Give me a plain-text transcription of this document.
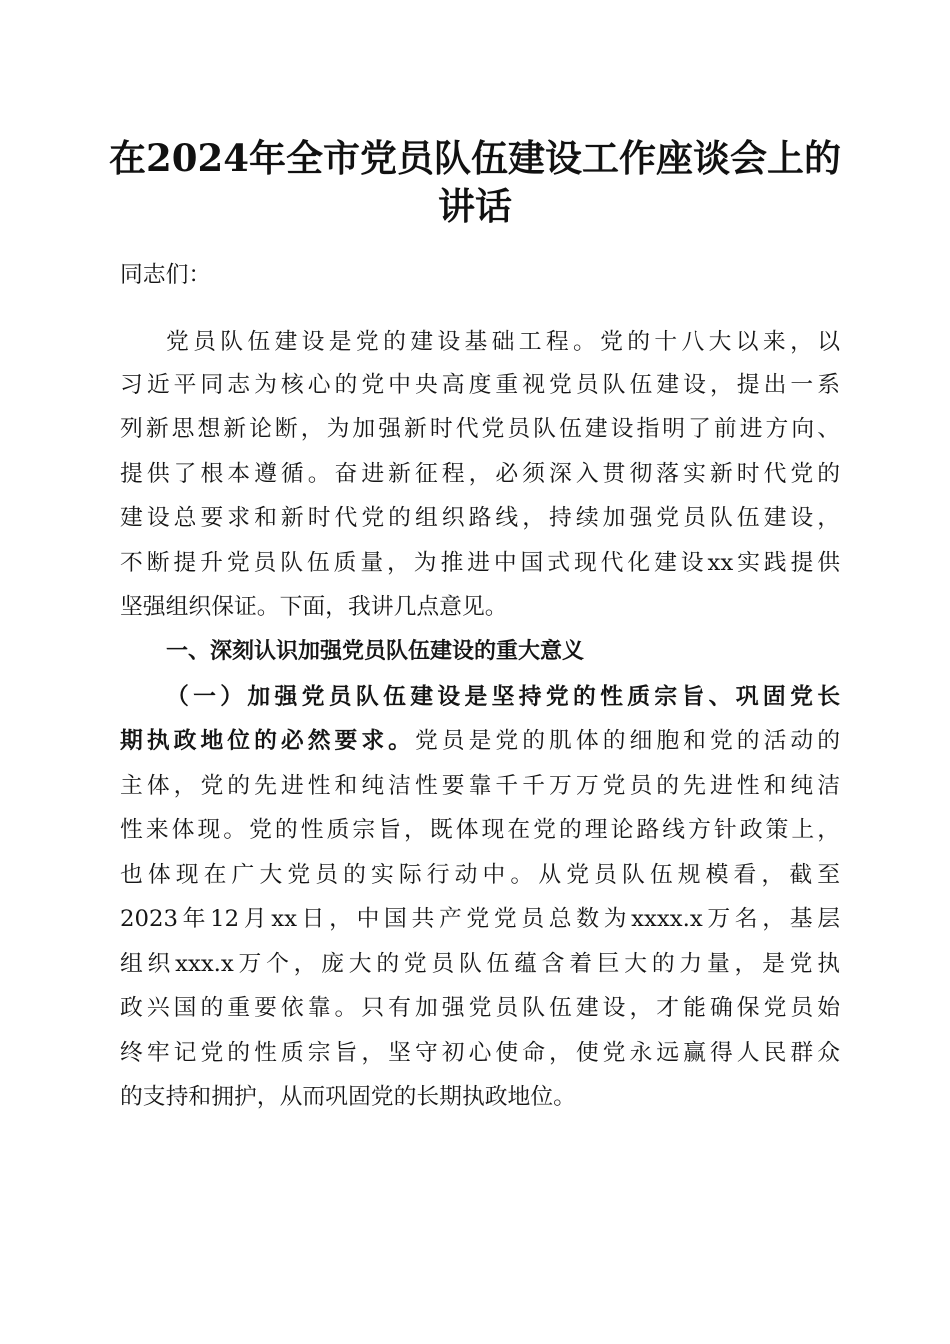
在2024年全市党员队伍建设工作座谈会上的
讲话
同志们：
党员队伍建设是党的建设基础工程。党的十八大以来，以
习近平同志为核心的党中央高度重视党员队伍建设，提出一系
列新思想新论断，为加强新时代党员队伍建设指明了前进方向、
提供了根本遵循。奋进新征程，必须深入贯彻落实新时代党的
建设总要求和新时代党的组织路线，持续加强党员队伍建设，
不断提升党员队伍质量，为推进中国式现代化建设xx实践提供
坚强组织保证。下面，我讲几点意见。
一、深刻认识加强党员队伍建设的重大意义
（一）加强党员队伍建设是坚持党的性质宗旨、巩固党长
期执政地位的必然要求。党员是党的肌体的细胞和党的活动的
主体，党的先进性和纯洁性要靠千千万万党员的先进性和纯洁
性来体现。党的性质宗旨，既体现在党的理论路线方针政策上，
也体现在广大党员的实际行动中。从党员队伍规模看，截至
2023年12月xx日，中国共产党党员总数为xxxx.x万名，基层
组织xxx.x万个，庞大的党员队伍蕴含着巨大的力量，是党执
政兴国的重要依靠。只有加强党员队伍建设，才能确保党员始
终牢记党的性质宗旨，坚守初心使命，使党永远赢得人民群众
的支持和拥护，从而巩固党的长期执政地位。
